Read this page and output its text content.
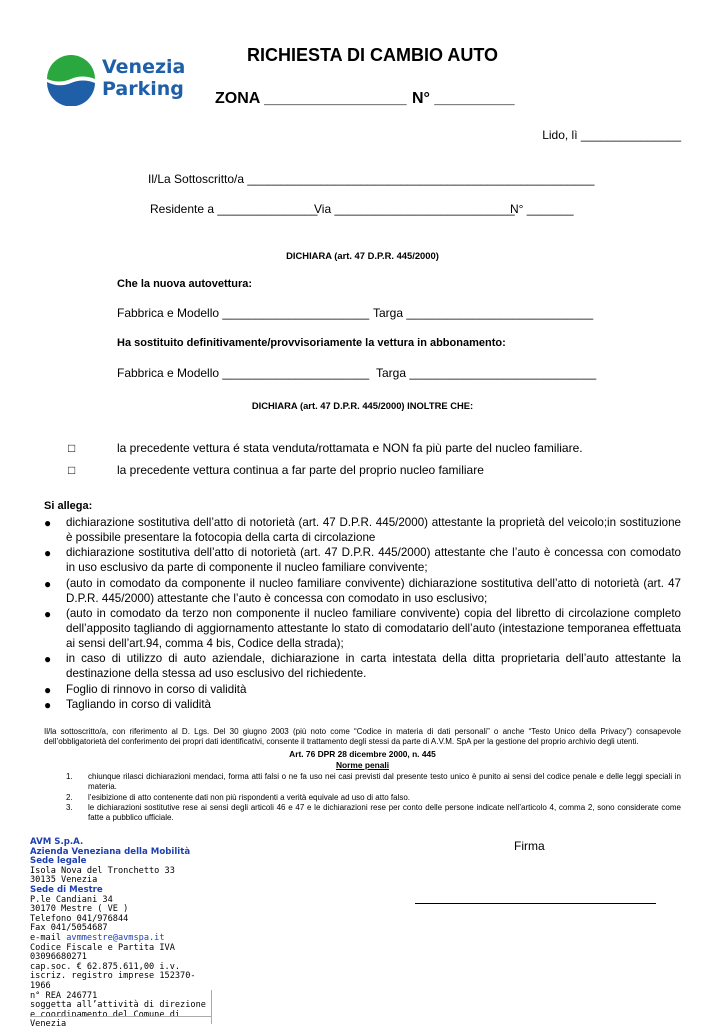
Venezia
Parking
RICHIESTA DI CAMBIO AUTO
ZONA ________________ N° _________
Lido, lì _______________
Il/La Sottoscritto/a ____________________________________________________
Residente a _______________
Via ___________________________
N° _______
DICHIARA (art. 47 D.P.R. 445/2000)
Che la nuova autovettura:
Fabbrica e Modello ______________________ Targa ____________________________
Ha sostituito definitivamente/provvisoriamente la vettura in abbonamento:
Fabbrica e Modello ______________________ Targa ____________________________
DICHIARA (art. 47 D.P.R. 445/2000) INOLTRE CHE:
□	la precedente vettura é stata venduta/rottamata e NON fa più parte del nucleo familiare.
□	la precedente vettura continua a far parte del proprio nucleo familiare
Si allega:
● dichiarazione sostitutiva dell’atto di notorietà (art. 47 D.P.R. 445/2000) attestante la proprietà del veicolo;in sostituzione è possibile presentare la fotocopia della carta di circolazione
● dichiarazione sostitutiva dell’atto di notorietà (art. 47 D.P.R. 445/2000) attestante che l’auto è concessa con comodato in uso esclusivo da parte di componente il nucleo familiare convivente;
● (auto in comodato da componente il nucleo familiare convivente) dichiarazione sostitutiva dell’atto di notorietà (art. 47 D.P.R. 445/2000) attestante che l’auto è concessa con comodato in uso esclusivo;
● (auto in comodato da terzo non componente il nucleo familiare convivente) copia del libretto di circolazione completo dell’apposito tagliando di aggiornamento attestante lo stato di comodatario dell’auto (intestazione temporanea effettuata ai sensi dell’art.94, comma 4 bis, Codice della strada);
● in caso di utilizzo di auto aziendale, dichiarazione in carta intestata della ditta proprietaria dell’auto attestante la destinazione della stessa ad uso esclusivo del richiedente.
● Foglio di rinnovo in corso di validità
● Tagliando in corso di validità
Il/la sottoscritto/a, con riferimento al D. Lgs. Del 30 giugno 2003 (più noto come “Codice in materia di dati personali” o anche “Testo Unico della Privacy”) consapevole dell’obbligatorietà del conferimento dei propri dati identificativi, consente il trattamento degli stessi da parte di A.V.M. SpA per la gestione del proprio archivio degli utenti.
Art. 76 DPR 28 dicembre 2000, n. 445
Norme penali
1. chiunque rilasci dichiarazioni mendaci, forma atti falsi o ne fa uso nei casi previsti dal presente testo unico è punito ai sensi del codice penale e delle leggi speciali in materia.
2. l’esibizione di atto contenente dati non più rispondenti a verità equivale ad uso di atto falso.
3. le dichiarazioni sostitutive rese ai sensi degli articoli 46 e 47 e le dichiarazioni rese per conto delle persone indicate nell’articolo 4, comma 2, sono considerate come fatte a pubblico ufficiale.
Firma
AVM S.p.A.
Azienda Veneziana della Mobilità
Sede legale
Isola Nova del Tronchetto 33
30135 Venezia
Sede di Mestre
P.le Candiani 34
30170 Mestre ( VE )
Telefono 041/976844
Fax 041/5054687
e-mail avmmestre@avmspa.it
Codice Fiscale e Partita IVA
03096680271
cap.soc. € 62.875.611,00 i.v.
iscriz. registro imprese 152370-1966
n° REA 246771
soggetta all’attività di direzione
e coordinamento del Comune di Venezia
